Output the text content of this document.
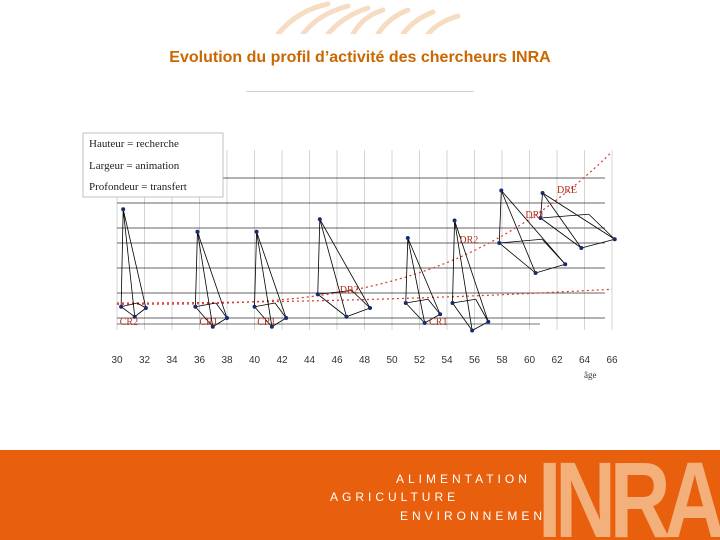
Evolution du profil d’activité des chercheurs INRA
CR2	CR1	CR1
DR2
CR1
DR2
DR1
DRE
30 32 34 36 38 40 42 44 46 48 50 52 54 56 58 60 62 64 66
âge
Hauteur = recherche
Largeur = animation
Profondeur = transfert
ALIMENTATION
AGRICULTURE
ENVIRONNEMEN
INRA
